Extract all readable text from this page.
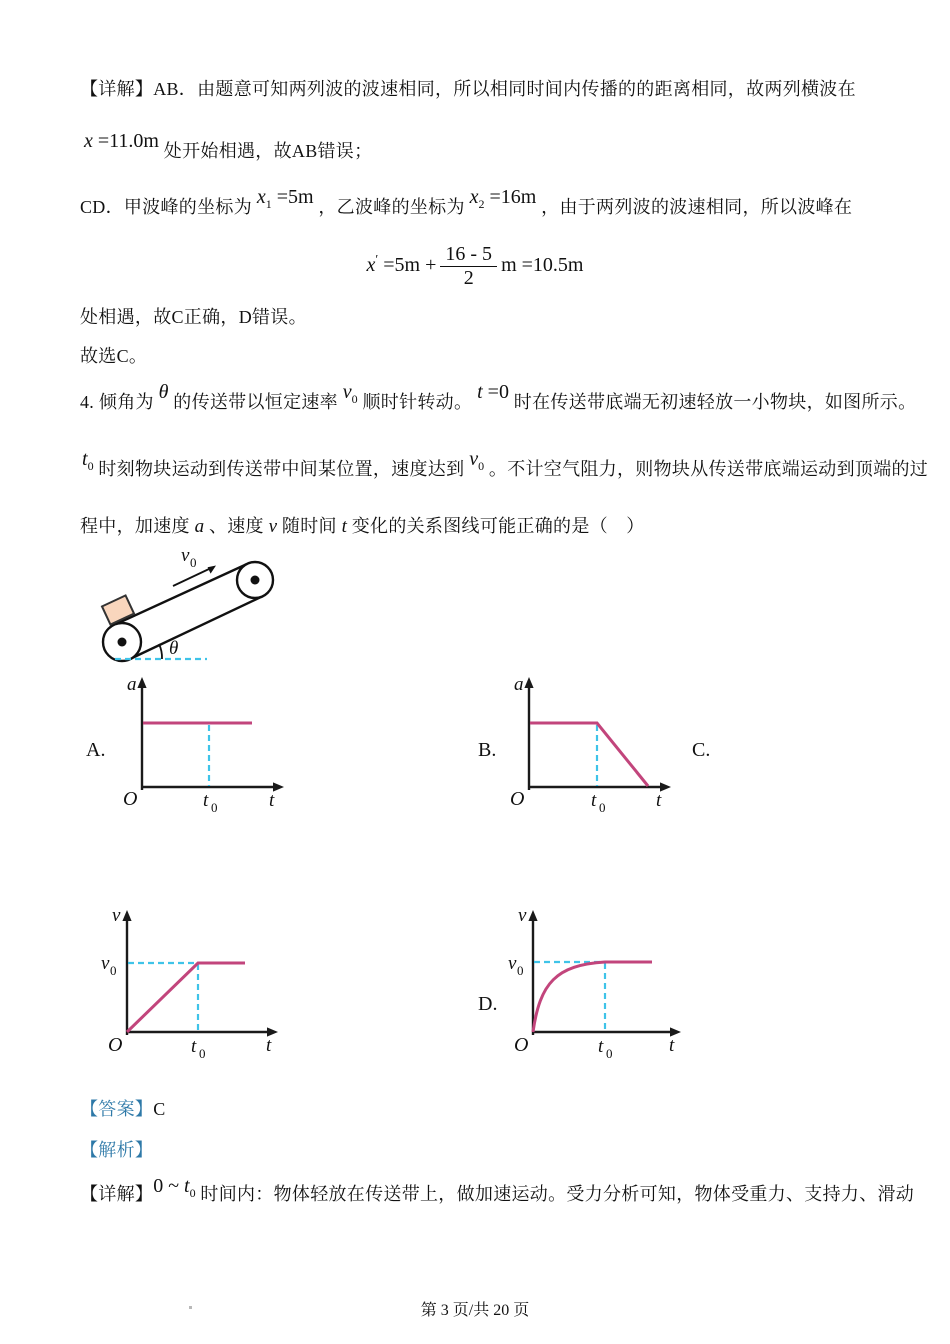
【详解】AB．由题意可知两列波的波速相同，所以相同时间内传播的的距离相同，故两列横波在
x =11.0m 处开始相遇，故AB错误；
CD．甲波峰的坐标为 $x_1 =5m$ ，乙波峰的坐标为 $x_2 =16m$ ，由于两列波的波速相同，所以波峰在
$x' =5m + \frac{16 - 5}{2}$ m =10.5m
处相遇，故C正确，D错误。
故选C。
4. 倾角为 θ 的传送带以恒定速率 $v_0$ 顺时针转动。 t =0 时在传送带底端无初速轻放一小物块，如图所示。
$t_0$ 时刻物块运动到传送带中间某位置，速度达到 $v_0$ 。不计空气阻力，则物块从传送带底端运动到顶端的过
程中，加速度 a 、速度 v 随时间 t 变化的关系图线可能正确的是（　）
v 0
θ
A.	B.	C.
D.
a
t
O	t 0
a
t
O	t 0
v
t
v 0
O	t 0
v
t
v 0
O	t 0
【答案】C
【解析】
【详解】0 ~ $t_0$ 时间内：物体轻放在传送带上，做加速运动。受力分析可知，物体受重力、支持力、滑动
第 3 页/共 20 页
